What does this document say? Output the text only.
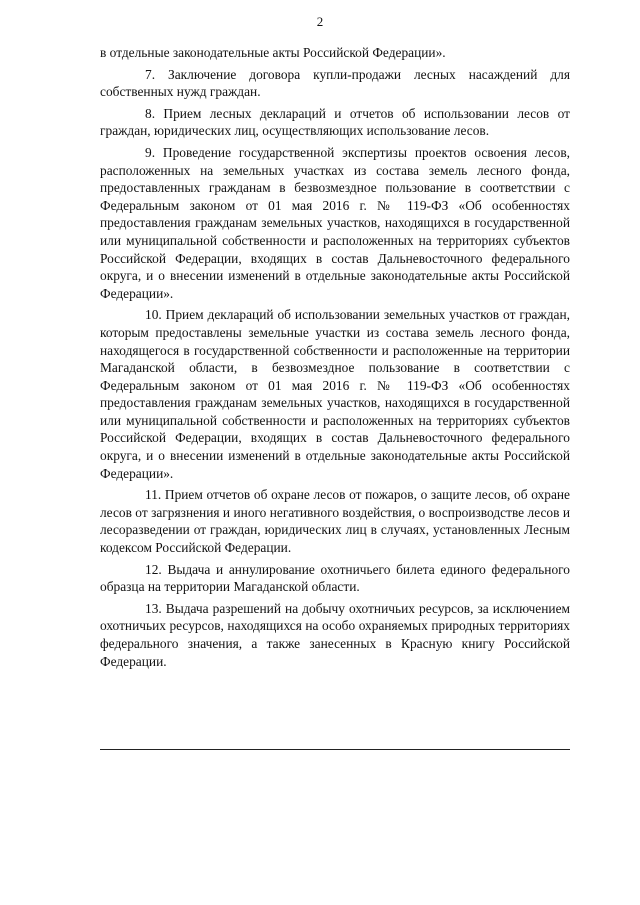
2

в отдельные законодательные акты Российской Федерации».

7. Заключение договора купли-продажи лесных насаждений для собственных нужд граждан.

8. Прием лесных деклараций и отчетов об использовании лесов от граждан, юридических лиц, осуществляющих использование лесов.

9. Проведение государственной экспертизы проектов освоения лесов, расположенных на земельных участках из состава земель лесного фонда, предоставленных гражданам в безвозмездное пользование в соответствии с Федеральным законом от 01 мая 2016 г. № 119-ФЗ «Об особенностях предоставления гражданам земельных участков, находящихся в государственной или муниципальной собственности и расположенных на территориях субъектов Российской Федерации, входящих в состав Дальневосточного федерального округа, и о внесении изменений в отдельные законодательные акты Российской Федерации».

10. Прием деклараций об использовании земельных участков от граждан, которым предоставлены земельные участки из состава земель лесного фонда, находящегося в государственной собственности и расположенные на территории Магаданской области, в безвозмездное пользование в соответствии с Федеральным законом от 01 мая 2016 г. № 119-ФЗ «Об особенностях предоставления гражданам земельных участков, находящихся в государственной или муниципальной собственности и расположенных на территориях субъектов Российской Федерации, входящих в состав Дальневосточного федерального округа, и о внесении изменений в отдельные законодательные акты Российской Федерации».

11. Прием отчетов об охране лесов от пожаров, о защите лесов, об охране лесов от загрязнения и иного негативного воздействия, о воспроизводстве лесов и лесоразведении от граждан, юридических лиц в случаях, установленных Лесным кодексом Российской Федерации.

12. Выдача и аннулирование охотничьего билета единого федерального образца на территории Магаданской области.

13. Выдача разрешений на добычу охотничьих ресурсов, за исключением охотничьих ресурсов, находящихся на особо охраняемых природных территориях федерального значения, а также занесенных в Красную книгу Российской Федерации.
